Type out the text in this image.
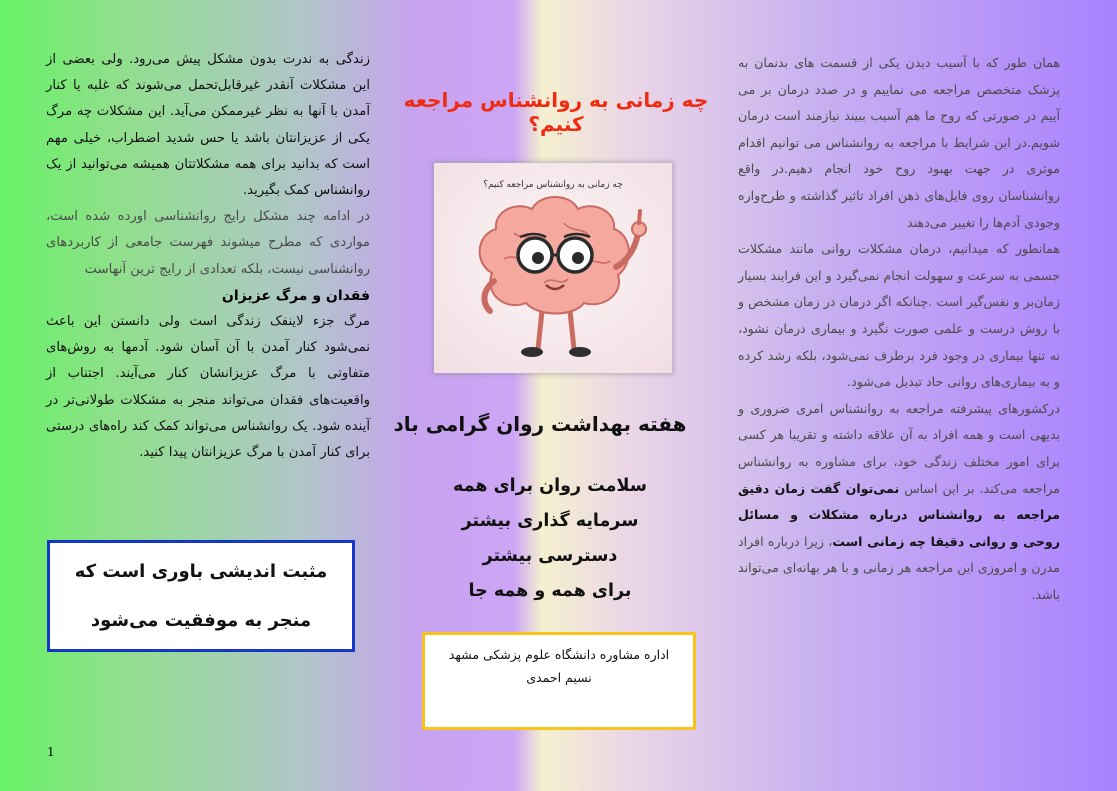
زندگی به ندرت بدون مشکل پیش می‌رود. ولی بعضی از این مشکلات آنقدر غیرقابل‌تحمل می‌شوند که غلبه یا کنار آمدن با آنها به نظر غیرممکن می‌آید. این مشکلات چه مرگ یکی از عزیزانتان باشد یا حس شدید اضطراب، خیلی مهم است که بدانید برای همه مشکلاتتان همیشه می‌توانید از یک روانشناس کمک بگیرید.

در ادامه چند مشکل رایج روانشناسی اورده شده است، مواردی که مطرح میشوند فهرست جامعی از کاربردهای روانشناسی نیست، بلکه تعدادی از رایج ترین آنهاست

فقدان و مرگ عزیزان

مرگ جزء لاینفک زندگی است ولی دانستن این باعث نمی‌شود کنار آمدن با آن آسان شود. آدمها به روش‌های متفاوتی با مرگ عزیزانشان کنار می‌آیند. اجتناب از واقعیت‌های فقدان می‌تواند منجر به مشکلات طولانی‌تر در آینده شود. یک روانشناس می‌تواند کمک کند راه‌های درستی برای کنار آمدن با مرگ عزیزانتان پیدا کنید.

مثبت اندیشی باوری است که
منجر به موفقیت می‌شود
1
چه زمانی به روانشناس مراجعه کنیم؟
چه زمانی به روانشناس مراجعه کنیم؟
هفته بهداشت روان گرامی باد
سلامت روان برای همه
سرمایه گذاری بیشتر
دسترسی بیشتر
برای همه و همه جا
اداره مشاوره دانشگاه علوم پزشکی مشهد
نسیم احمدی

همان طور که با آسیب دیدن یکی از قسمت های بدنمان به پزشک متخصص مراجعه می نماییم و در صدد درمان بر می آییم در صورتی که روح ما هم آسیب ببیند نیازمند است درمان شویم.در این شرایط با مراجعه به روانشناس می توانیم اقدام موثری در جهت بهبود روح خود انجام دهیم.در واقع روانشناسان روی فایل‌های ذهن افراد تاثیر گذاشته و طرح‌واره وجودی آدم‌ها را تغییر می‌دهند

همانطور که میدانیم، درمان مشکلات روانی مانند مشکلات جسمی به سرعت و سهولت انجام نمی‌گیرد و این فرایند بسیار زمان‌بر و نفس‌گیر است .چنانکه اگر درمان در زمان مشخص و با روش درست و علمی صورت نگیرد و بیماری درمان نشود، نه تنها بیماری در وجود فرد برطرف نمی‌شود، بلکه رشد کرده و به بیماری‌های روانی حاد تبدیل می‌شود.

درکشورهای پیشرفته مراجعه به روانشناس امری ضروری و بدیهی است و همه افراد به آن علاقه داشته و تقریبا هر کسی برای امور مختلف زندگی خود، برای مشاوره به روانشناس مراجعه می‌کند. بر این اساس نمی‌توان گفت زمان دقیق مراجعه به روانشناس درباره مشکلات و مسائل روحی و روانی دقیقا چه زمانی است، زیرا درباره افراد مدرن و امروزی این مراجعه هر زمانی و با هر بهانه‌ای می‌تواند باشد.
